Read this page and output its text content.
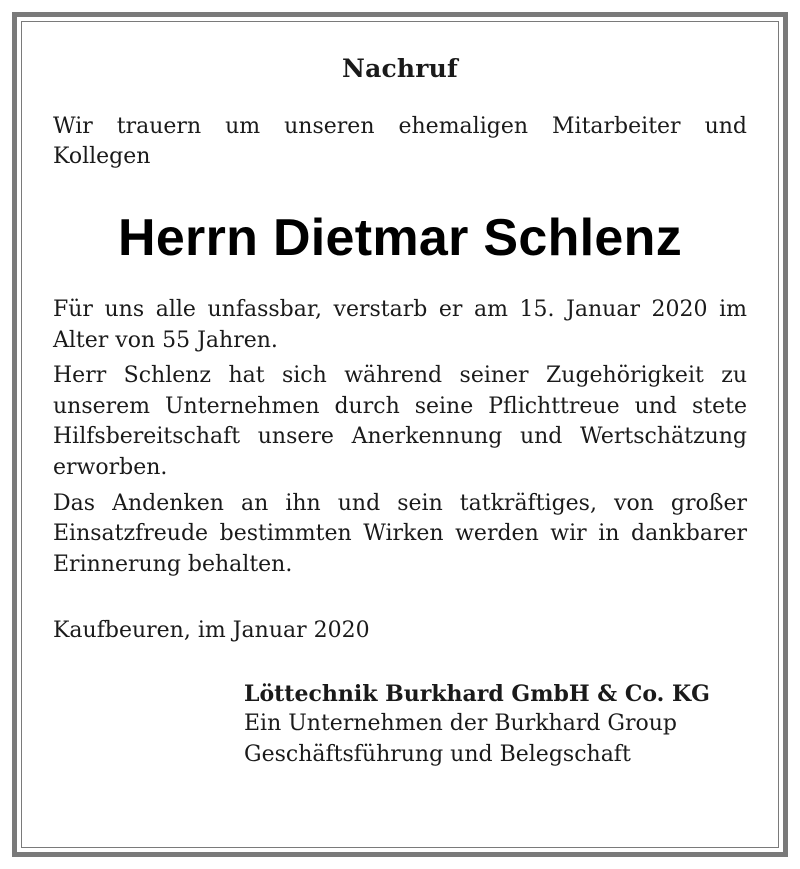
Nachruf

Wir trauern um unseren ehemaligen Mitarbeiter und Kollegen

Herrn Dietmar Schlenz

Für uns alle unfassbar, verstarb er am 15. Januar 2020 im Alter von 55 Jahren.

Herr Schlenz hat sich während seiner Zugehörigkeit zu unserem Unternehmen durch seine Pflichttreue und stete Hilfsbereitschaft unsere Anerkennung und Wertschätzung erworben.

Das Andenken an ihn und sein tatkräftiges, von großer Einsatzfreude bestimmten Wirken werden wir in dankbarer Erinnerung behalten.

Kaufbeuren, im Januar 2020

Löttechnik Burkhard GmbH & Co. KG
Ein Unternehmen der Burkhard Group
Geschäftsführung und Belegschaft
